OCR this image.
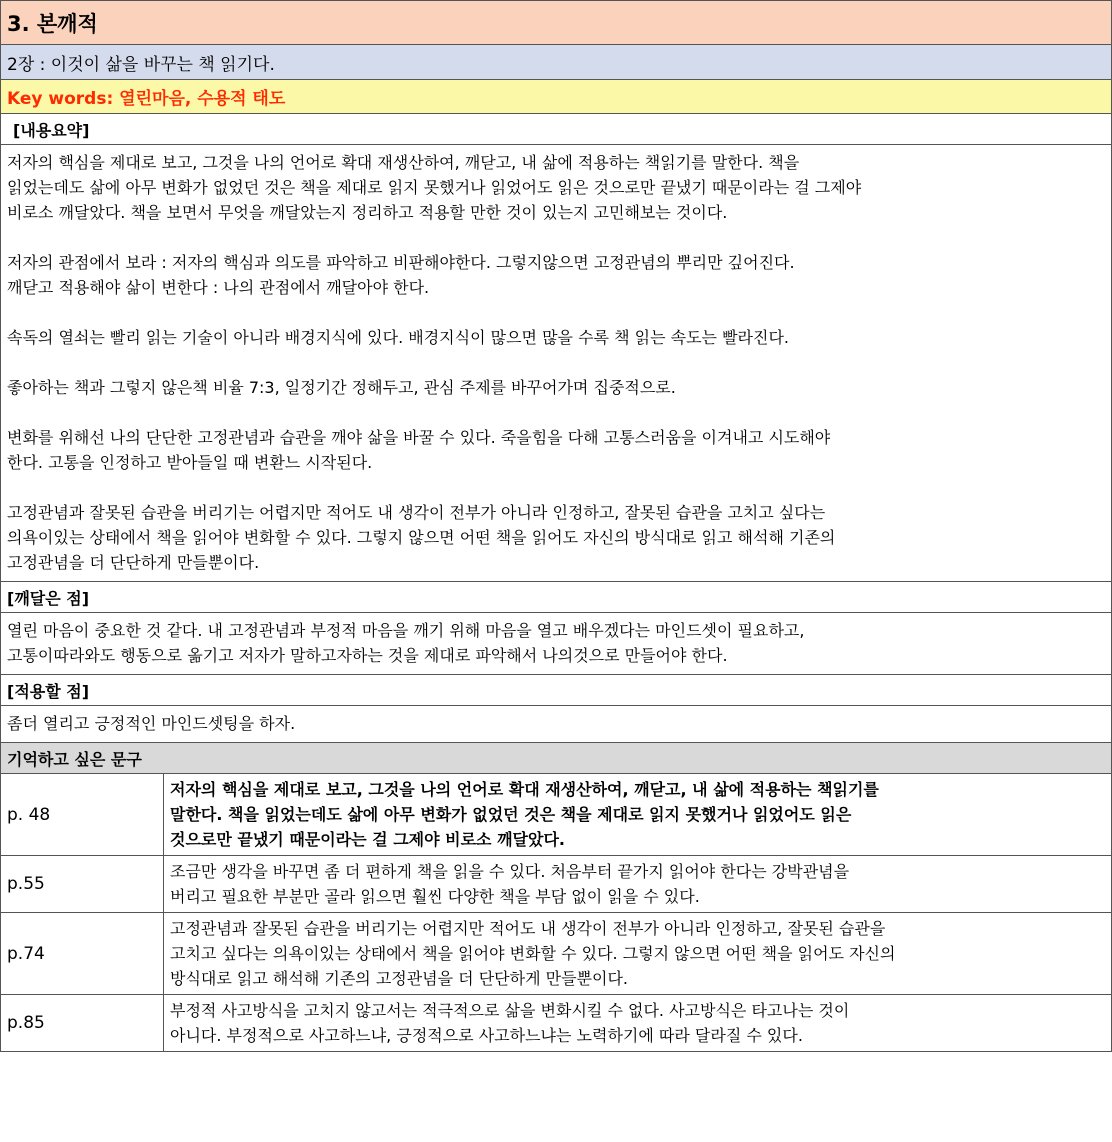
3. 본깨적
2장 : 이것이 삶을 바꾸는 책 읽기다.
Key words: 열린마음, 수용적 태도
[내용요약]

저자의 핵심을 제대로 보고, 그것을 나의 언어로 확대 재생산하여, 깨닫고, 내 삶에 적용하는 책읽기를 말한다. 책을
읽었는데도 삶에 아무 변화가 없었던 것은 책을 제대로 읽지 못했거나 읽었어도 읽은 것으로만 끝냈기 때문이라는 걸 그제야
비로소 깨달았다. 책을 보면서 무엇을 깨달았는지 정리하고 적용할 만한 것이 있는지 고민해보는 것이다.

저자의 관점에서 보라 : 저자의 핵심과 의도를 파악하고 비판해야한다. 그렇지않으면 고정관념의 뿌리만 깊어진다.
깨닫고 적용해야 삶이 변한다 : 나의 관점에서 깨달아야 한다.

속독의 열쇠는 빨리 읽는 기술이 아니라 배경지식에 있다. 배경지식이 많으면 많을 수록 책 읽는 속도는 빨라진다.

좋아하는 책과 그렇지 않은책 비율 7:3, 일정기간 정해두고, 관심 주제를 바꾸어가며 집중적으로.

변화를 위해선 나의 단단한 고정관념과 습관을 깨야 삶을 바꿀 수 있다. 죽을힘을 다해 고통스러움을 이겨내고 시도해야
한다. 고통을 인정하고 받아들일 때 변환느 시작된다.

고정관념과 잘못된 습관을 버리기는 어렵지만 적어도 내 생각이 전부가 아니라 인정하고, 잘못된 습관을 고치고 싶다는
의욕이있는 상태에서 책을 읽어야 변화할 수 있다. 그렇지 않으면 어떤 책을 읽어도 자신의 방식대로 읽고 해석해 기존의
고정관념을 더 단단하게 만들뿐이다.

[깨달은 점]

열린 마음이 중요한 것 같다. 내 고정관념과 부정적 마음을 깨기 위해 마음을 열고 배우겠다는 마인드셋이 필요하고,
고통이따라와도 행동으로 옮기고 저자가 말하고자하는 것을 제대로 파악해서 나의것으로 만들어야 한다.

[적용할 점]

좀더 열리고 긍정적인 마인드셋팅을 하자.

기억하고 싶은 문구
p. 48
저자의 핵심을 제대로 보고, 그것을 나의 언어로 확대 재생산하여, 깨닫고, 내 삶에 적용하는 책읽기를
말한다. 책을 읽었는데도 삶에 아무 변화가 없었던 것은 책을 제대로 읽지 못했거나 읽었어도 읽은
것으로만 끝냈기 때문이라는 걸 그제야 비로소 깨달았다.
p.55
조금만 생각을 바꾸면 좀 더 편하게 책을 읽을 수 있다. 처음부터 끝가지 읽어야 한다는 강박관념을
버리고 필요한 부분만 골라 읽으면 훨씬 다양한 책을 부담 없이 읽을 수 있다.
p.74
고정관념과 잘못된 습관을 버리기는 어렵지만 적어도 내 생각이 전부가 아니라 인정하고, 잘못된 습관을
고치고 싶다는 의욕이있는 상태에서 책을 읽어야 변화할 수 있다. 그렇지 않으면 어떤 책을 읽어도 자신의
방식대로 읽고 해석해 기존의 고정관념을 더 단단하게 만들뿐이다.
p.85
부정적 사고방식을 고치지 않고서는 적극적으로 삶을 변화시킬 수 없다. 사고방식은 타고나는 것이
아니다. 부정적으로 사고하느냐, 긍정적으로 사고하느냐는 노력하기에 따라 달라질 수 있다.
